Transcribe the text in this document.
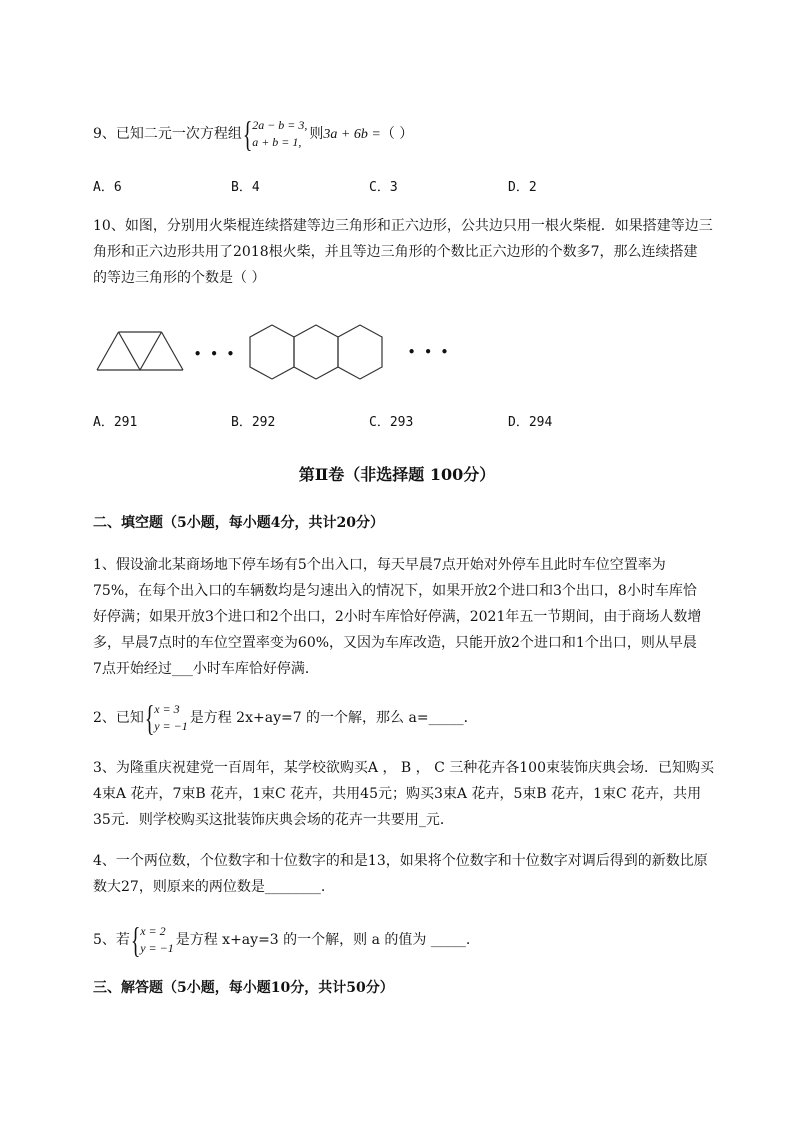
9、已知二元一次方程组 { 2a − b = 3,
a + b = 1, 则3a + 6b =（ ）
A．6	B．4	C．3	D．2

10、如图，分别用火柴棍连续搭建等边三角形和正六边形，公共边只用一根火柴棍．如果搭建等边三

角形和正六边形共用了2018根火柴，并且等边三角形的个数比正六边形的个数多7，那么连续搭建

的等边三角形的个数是（ ）

• • •	• • •
A．291	B．292	C．293	D．294
第Ⅱ卷（非选择题 100分）
二、填空题（5小题，每小题4分，共计20分）

1、假设渝北某商场地下停车场有5个出入口，每天早晨7点开始对外停车且此时车位空置率为

75%，在每个出入口的车辆数均是匀速出入的情况下，如果开放2个进口和3个出口，8小时车库恰

好停满；如果开放3个进口和2个出口，2小时车库恰好停满，2021年五一节期间，由于商场人数增

多，早晨7点时的车位空置率变为60%，又因为车库改造，只能开放2个进口和1个出口，则从早晨

7点开始经过___小时车库恰好停满．

2、已知 { x = 3
y = −1 是方程 2x+ay=7 的一个解，那么 a=_____．

3、为隆重庆祝建党一百周年，某学校欲购买A ， B ， C 三种花卉各100束装饰庆典会场．已知购买

4束A 花卉，7束B 花卉，1束C 花卉，共用45元；购买3束A 花卉，5束B 花卉，1束C 花卉，共用

35元．则学校购买这批装饰庆典会场的花卉一共要用_元．

4、一个两位数，个位数字和十位数字的和是13，如果将个位数字和十位数字对调后得到的新数比原

数大27，则原来的两位数是________.

5、若 { x = 2
y = −1 是方程 x+ay=3 的一个解，则 a 的值为 _____.
三、解答题（5小题，每小题10分，共计50分）
